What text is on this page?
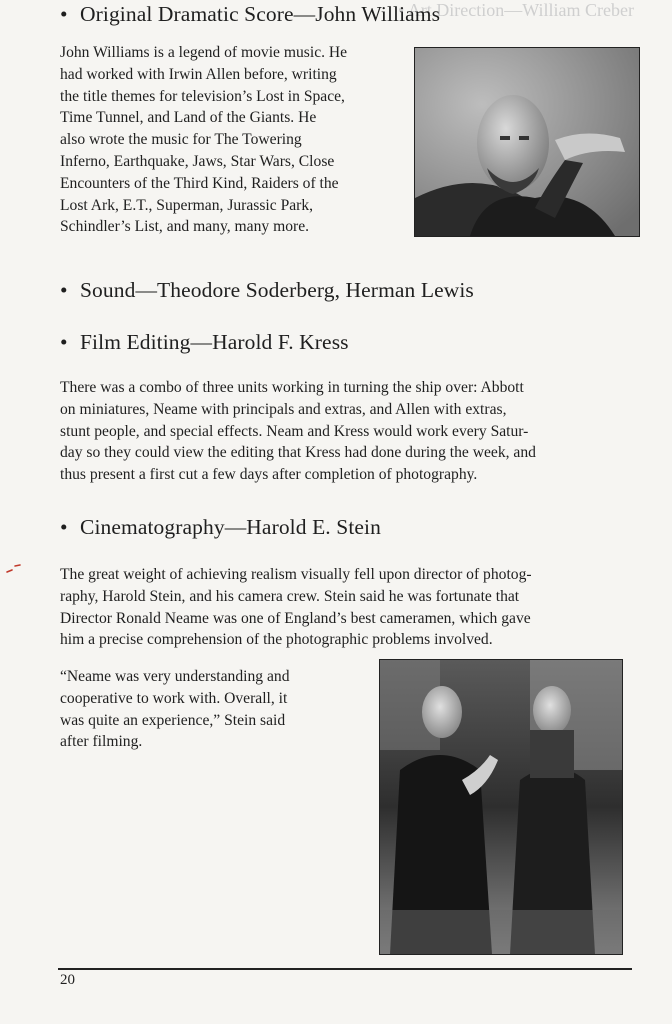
• Art Direction—William Creber
• Original Dramatic Score—John Williams
John Williams is a legend of movie music. He
had worked with Irwin Allen before, writing
the title themes for television’s Lost in Space,
Time Tunnel, and Land of the Giants. He
also wrote the music for The Towering
Inferno, Earthquake, Jaws, Star Wars, Close
Encounters of the Third Kind, Raiders of the
Lost Ark, E.T., Superman, Jurassic Park,
Schindler’s List, and many, many more.
• Sound—Theodore Soderberg, Herman Lewis
• Film Editing—Harold F. Kress
There was a combo of three units working in turning the ship over: Abbott
on miniatures, Neame with principals and extras, and Allen with extras,
stunt people, and special effects. Neam and Kress would work every Satur-
day so they could view the editing that Kress had done during the week, and
thus present a first cut a few days after completion of photography.
• Cinematography—Harold E. Stein
The great weight of achieving realism visually fell upon director of photog-
raphy, Harold Stein, and his camera crew. Stein said he was fortunate that
Director Ronald Neame was one of England’s best cameramen, which gave
him a precise comprehension of the photographic problems involved.
“Neame was very understanding and
cooperative to work with. Overall, it
was quite an experience,” Stein said
after filming.
20
